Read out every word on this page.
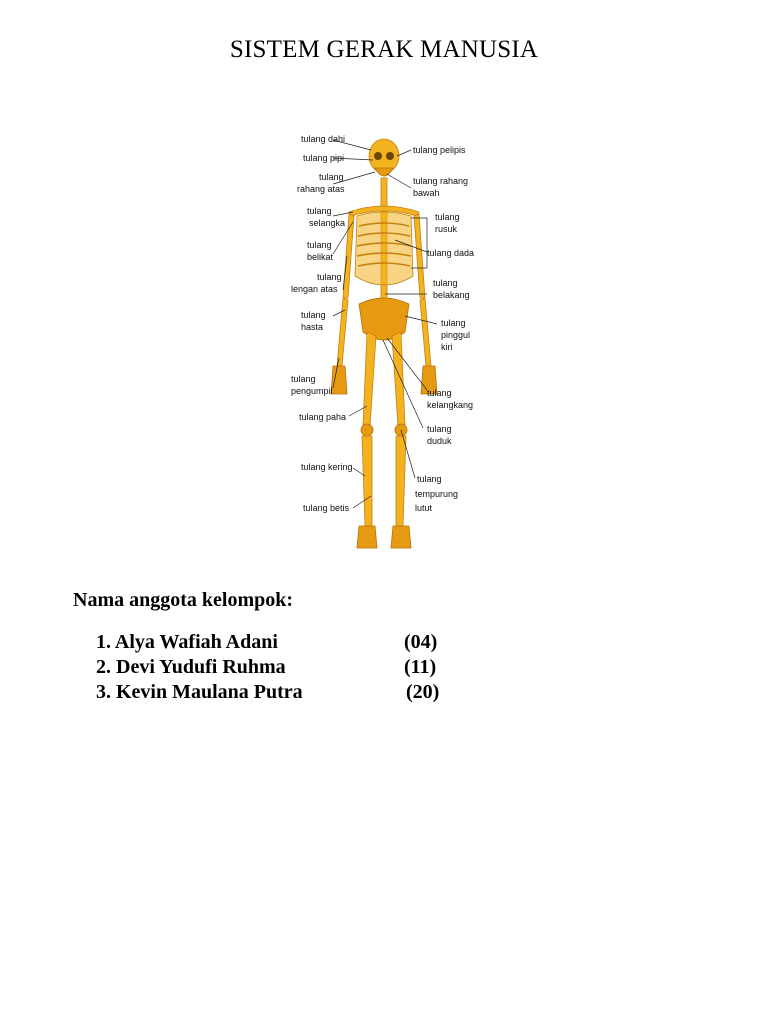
SISTEM GERAK MANUSIA
tulang dahi
tulang pipi
tulang
rahang atas
tulang
selangka
tulang
belikat
tulang
lengan atas
tulang
hasta
tulang
pengumpil
tulang paha
tulang kering
tulang betis
tulang pelipis
tulang rahang
bawah
tulang
rusuk
tulang dada
tulang
belakang
tulang
pinggul
kiri
tulang
kelangkang
tulang
duduk
tulang
tempurung
lutut
Nama anggota kelompok:
1. Alya Wafiah Adani	(04)
2. Devi Yudufi Ruhma	(11)
3. Kevin Maulana Putra	(20)
